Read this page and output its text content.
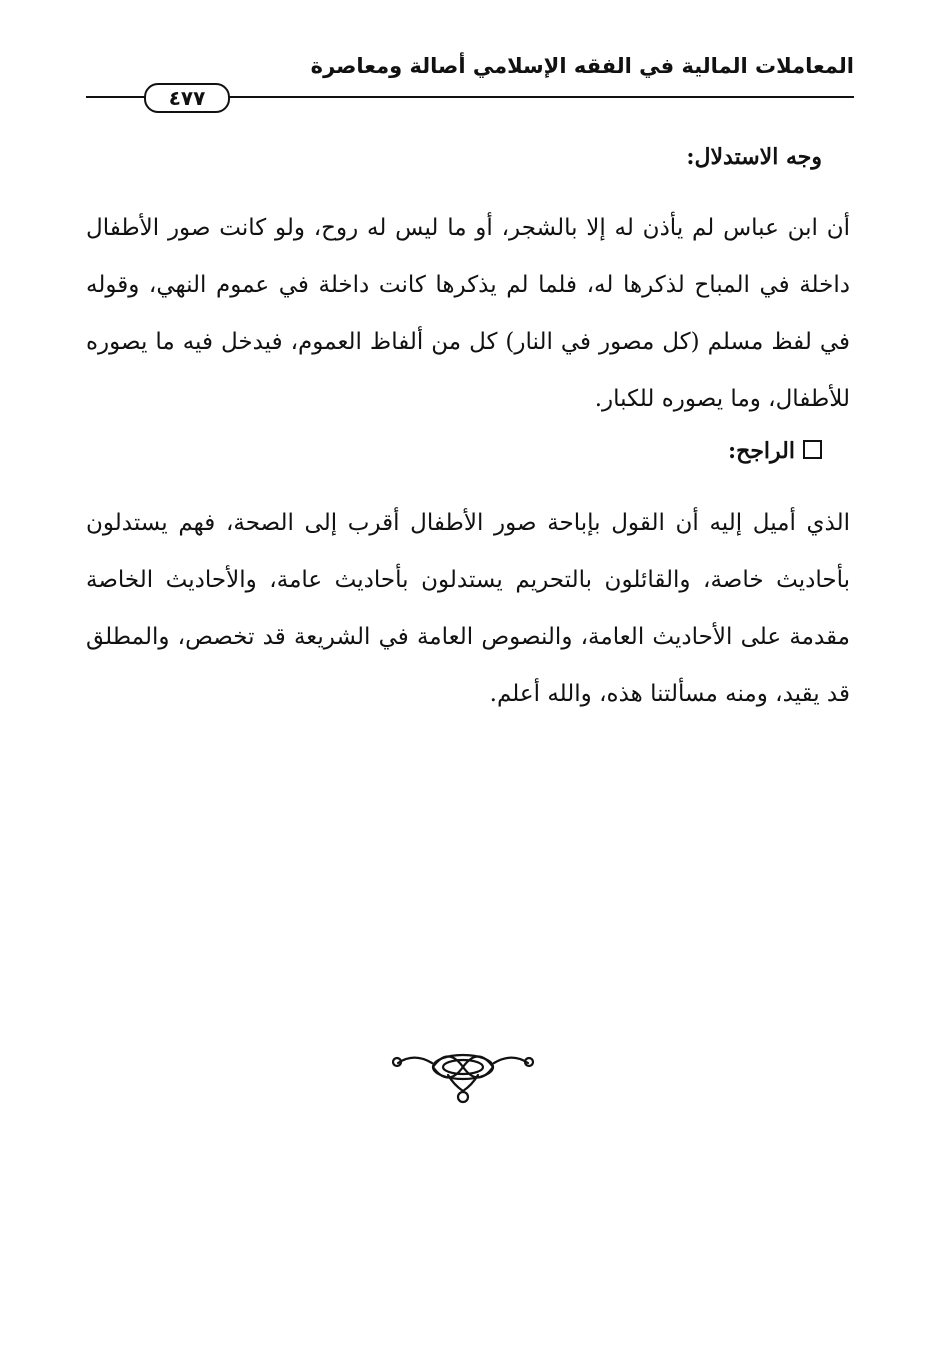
المعاملات المالية في الفقه الإسلامي أصالة ومعاصرة
٤٧٧
وجه الاستدلال:

أن ابن عباس لم يأذن له إلا بالشجر، أو ما ليس له روح، ولو كانت صور الأطفال داخلة في المباح لذكرها له، فلما لم يذكرها كانت داخلة في عموم النهي، وقوله في لفظ مسلم (كل مصور في النار) كل من ألفاظ العموم، فيدخل فيه ما يصوره للأطفال، وما يصوره للكبار.

الراجح:

الذي أميل إليه أن القول بإباحة صور الأطفال أقرب إلى الصحة، فهم يستدلون بأحاديث خاصة، والقائلون بالتحريم يستدلون بأحاديث عامة، والأحاديث الخاصة مقدمة على الأحاديث العامة، والنصوص العامة في الشريعة قد تخصص، والمطلق قد يقيد، ومنه مسألتنا هذه، والله أعلم.
